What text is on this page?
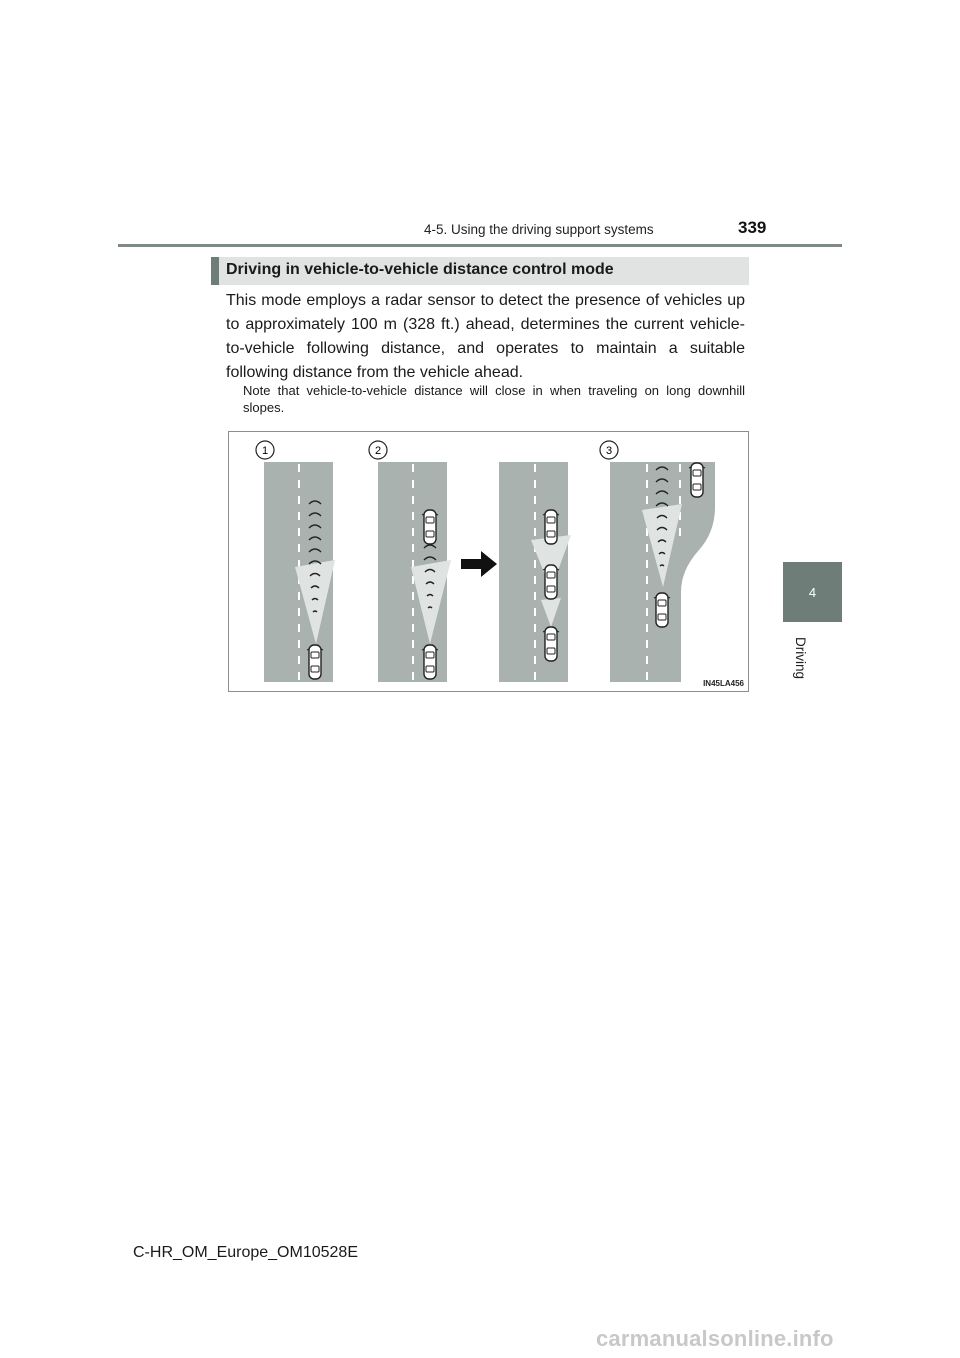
4-5. Using the driving support systems	339
4
Driving
Driving in vehicle-to-vehicle distance control mode
This mode employs a radar sensor to detect the presence of vehicles up to approximately 100 m (328 ft.) ahead, determines the current vehicle-to-vehicle following distance, and operates to maintain a suitable following distance from the vehicle ahead.
Note that vehicle-to-vehicle distance will close in when traveling on long downhill slopes.
1	2	3
IN45LA456
C-HR_OM_Europe_OM10528E
carmanualsonline.info
